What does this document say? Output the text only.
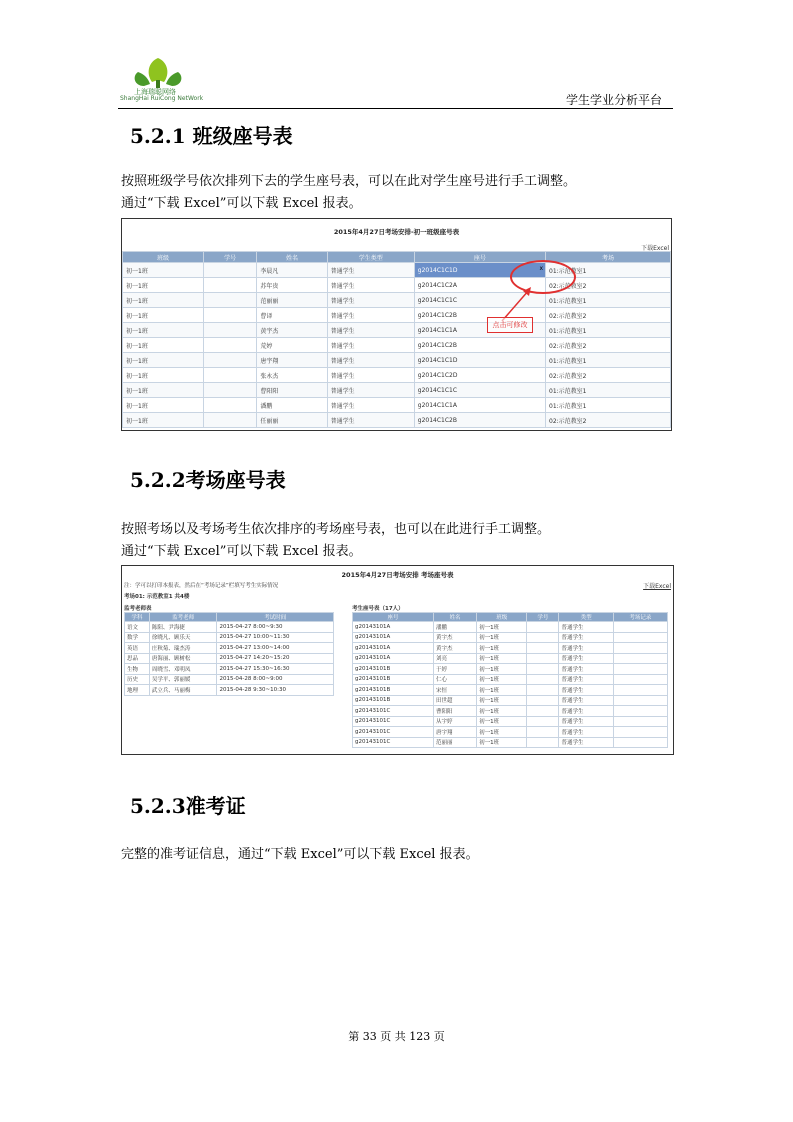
上海瑞聪网络
ShangHai RuiCong NetWork	学生学业分析平台
5.2.1 班级座号表

按照班级学号依次排列下去的学生座号表，可以在此对学生座号进行手工调整。

通过“下载 Excel”可以下载 Excel 报表。

2015年4月27日考场安排-初一班级座号表
下载Excel
班级	学号	姓名	学生类型	座号	考场
初一1班		李晨凡	普通学生	g2014C1C1D x	01:示范教室1
初一1班		苏年贵	普通学生	g2014C1C2A	02:示范教室2
初一1班		范丽丽	普通学生	g2014C1C1C	01:示范教室1
初一1班		曹译	普通学生	g2014C1C2B	02:示范教室2
初一1班		黄宇杰	普通学生	g2014C1C1A	01:示范教室1
初一1班		荒婷	普通学生	g2014C1C2B	02:示范教室2
初一1班		唐宇翔	普通学生	g2014C1C1D	01:示范教室1
初一1班		张永杰	普通学生	g2014C1C2D	02:示范教室2
初一1班		曹阳阳	普通学生	g2014C1C1C	01:示范教室1
初一1班		潘鹏	普通学生	g2014C1C1A	01:示范教室1
初一1班		任丽丽	普通学生	g2014C1C2B	02:示范教室2
点击可修改
5.2.2考场座号表

按照考场以及考场考生依次排序的考场座号表，也可以在此进行手工调整。

通过“下载 Excel”可以下载 Excel 报表。

2015年4月27日考场安排 考场座号表
注：学可以打印本报表，然后在“考场记录”栏填写考生实际情况	下载Excel
考场01: 示范教室1 共4楼
监考老师表
学科	监考老师	考试时间
语文	陈阳、尹海捷	2015-04-27 8:00~9:30
数学	徐晓凡、顾乐天	2015-04-27 10:00~11:30
英语	庄秋菊、瑞杰涛	2015-04-27 13:00~14:00
思品	唐海丽、顾树松	2015-04-27 14:20~15:20
生物	周晓雪、邓明凤	2015-04-27 15:30~16:30
历史	吴学平、郭丽媛	2015-04-28 8:00~9:00
地理	武立兵、马丽梅	2015-04-28 9:30~10:30
考生座号表（17人）
座号	姓名	班级	学号	类型	考场记录
g20143101A	潘鹏	初一1班		普通学生	
g20143101A	黄宇杰	初一1班		普通学生	
g20143101A	黄宇杰	初一1班		普通学生	
g20143101A	刘亮	初一1班		普通学生	
g20143101B	于婷	初一1班		普通学生	
g20143101B	仁心	初一1班		普通学生	
g20143101B	宋恒	初一1班		普通学生	
g20143101B	田世超	初一1班		普通学生	
g20143101C	曹阳阳	初一1班		普通学生	
g20143101C	从宇婷	初一1班		普通学生	
g20143101C	唐宇翔	初一1班		普通学生	
g20143101C	范丽丽	初一1班		普通学生	
5.2.3准考证

完整的准考证信息，通过“下载 Excel”可以下载 Excel 报表。

第 33 页 共 123 页
